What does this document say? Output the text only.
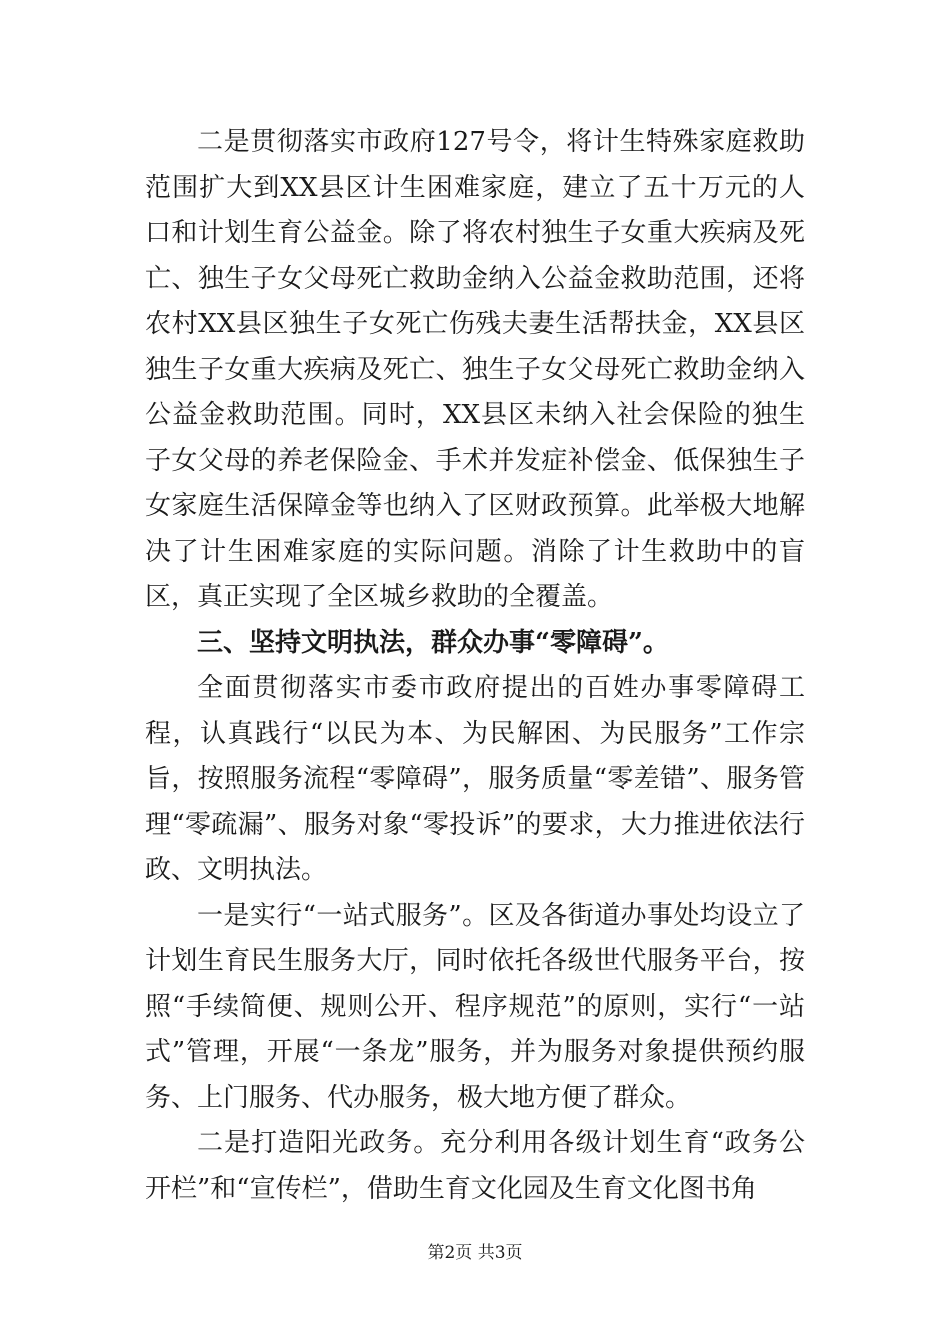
二是贯彻落实市政府127号令，将计生特殊家庭救助范围扩大到XX县区计生困难家庭，建立了五十万元的人口和计划生育公益金。除了将农村独生子女重大疾病及死亡、独生子女父母死亡救助金纳入公益金救助范围，还将农村XX县区独生子女死亡伤残夫妻生活帮扶金，XX县区独生子女重大疾病及死亡、独生子女父母死亡救助金纳入公益金救助范围。同时，XX县区未纳入社会保险的独生子女父母的养老保险金、手术并发症补偿金、低保独生子女家庭生活保障金等也纳入了区财政预算。此举极大地解决了计生困难家庭的实际问题。消除了计生救助中的盲区，真正实现了全区城乡救助的全覆盖。

三、坚持文明执法，群众办事“零障碍”。

全面贯彻落实市委市政府提出的百姓办事零障碍工程，认真践行“以民为本、为民解困、为民服务”工作宗旨，按照服务流程“零障碍”，服务质量“零差错”、服务管理“零疏漏”、服务对象“零投诉”的要求，大力推进依法行政、文明执法。

一是实行“一站式服务”。区及各街道办事处均设立了计划生育民生服务大厅，同时依托各级世代服务平台，按照“手续简便、规则公开、程序规范”的原则，实行“一站式”管理，开展“一条龙”服务，并为服务对象提供预约服务、上门服务、代办服务，极大地方便了群众。

二是打造阳光政务。充分利用各级计划生育“政务公开栏”和“宣传栏”，借助生育文化园及生育文化图书角

第2页 共3页
